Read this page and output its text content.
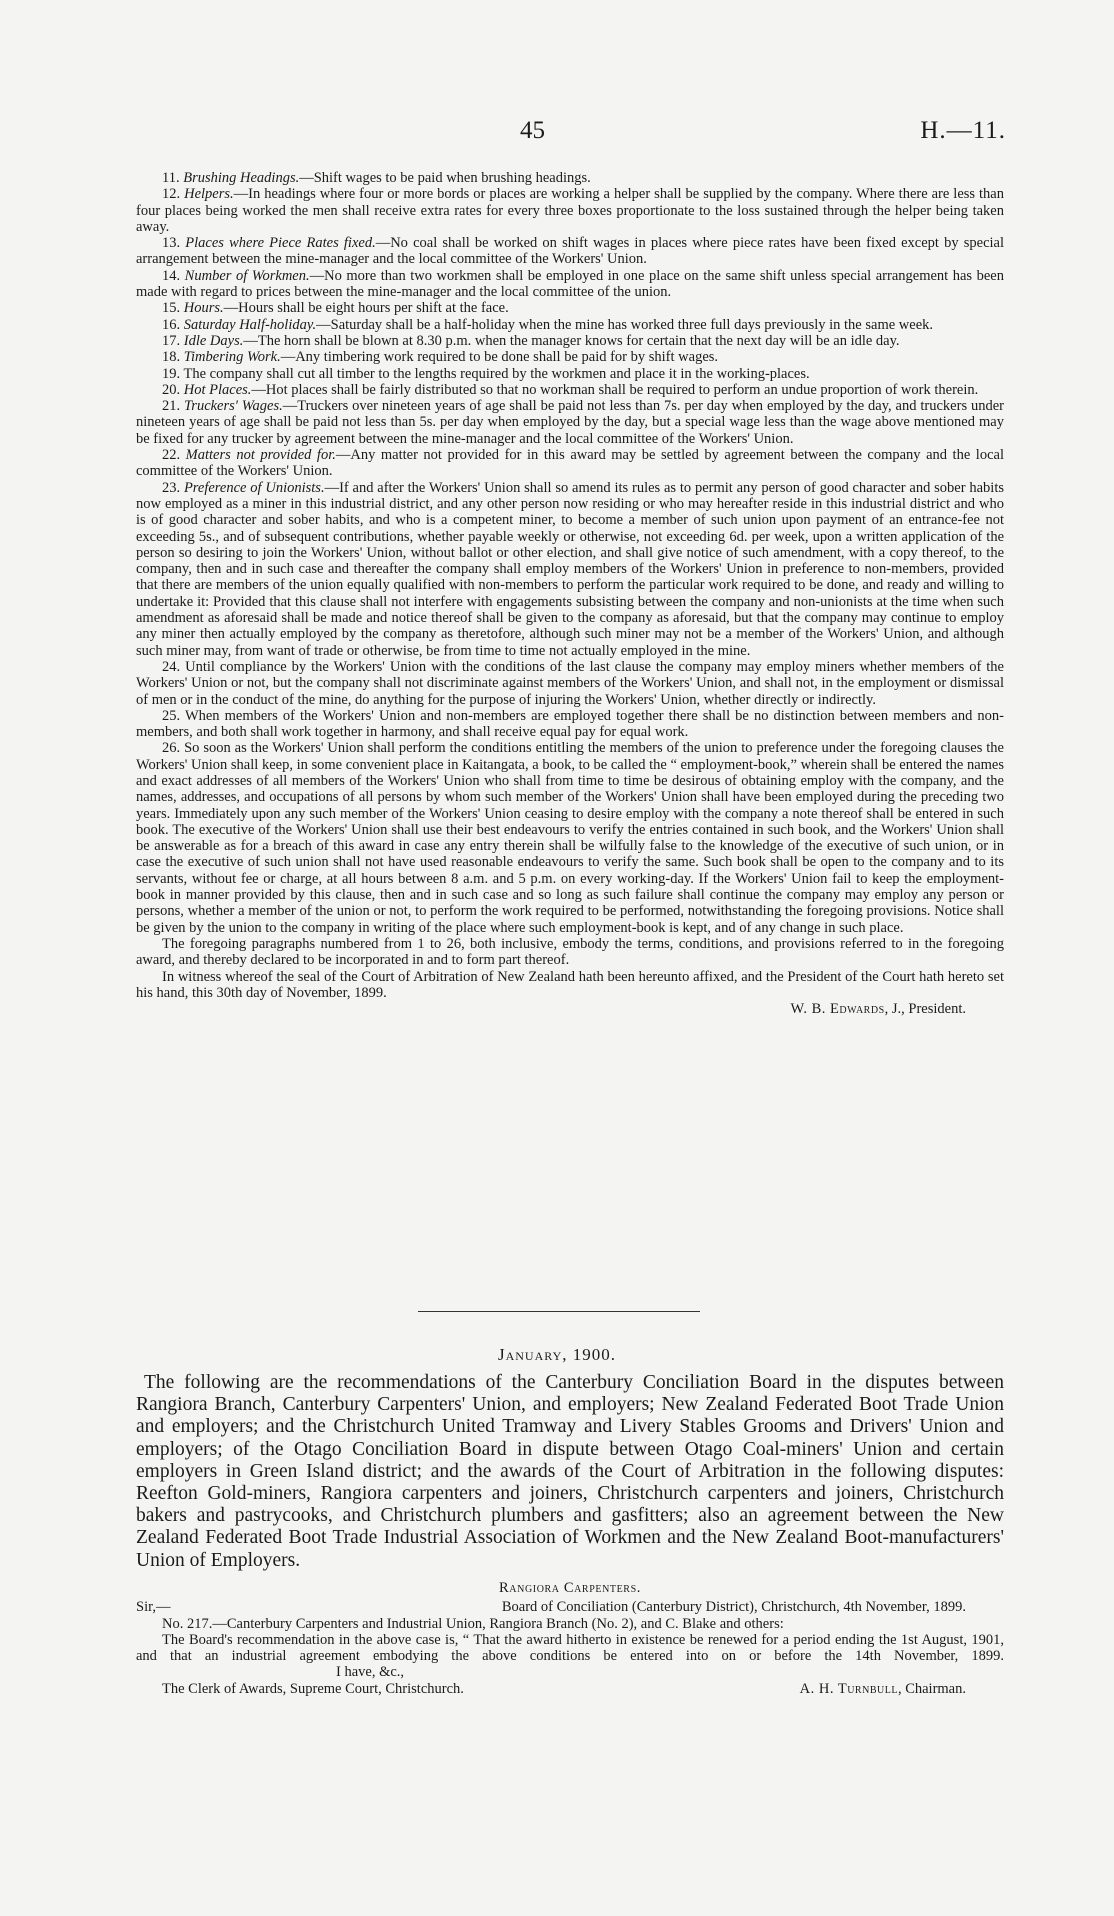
45	H.—11.

11. Brushing Headings.—Shift wages to be paid when brushing headings.

12. Helpers.—In headings where four or more bords or places are working a helper shall be supplied by the company. Where there are less than four places being worked the men shall receive extra rates for every three boxes proportionate to the loss sustained through the helper being taken away.

13. Places where Piece Rates fixed.—No coal shall be worked on shift wages in places where piece rates have been fixed except by special arrangement between the mine-manager and the local committee of the Workers' Union.

14. Number of Workmen.—No more than two workmen shall be employed in one place on the same shift unless special arrangement has been made with regard to prices between the mine-manager and the local committee of the union.

15. Hours.—Hours shall be eight hours per shift at the face.

16. Saturday Half-holiday.—Saturday shall be a half-holiday when the mine has worked three full days previously in the same week.

17. Idle Days.—The horn shall be blown at 8.30 p.m. when the manager knows for certain that the next day will be an idle day.

18. Timbering Work.—Any timbering work required to be done shall be paid for by shift wages.

19. The company shall cut all timber to the lengths required by the workmen and place it in the working-places.

20. Hot Places.—Hot places shall be fairly distributed so that no workman shall be required to perform an undue proportion of work therein.

21. Truckers' Wages.—Truckers over nineteen years of age shall be paid not less than 7s. per day when employed by the day, and truckers under nineteen years of age shall be paid not less than 5s. per day when employed by the day, but a special wage less than the wage above mentioned may be fixed for any trucker by agreement between the mine-manager and the local committee of the Workers' Union.

22. Matters not provided for.—Any matter not provided for in this award may be settled by agreement between the company and the local committee of the Workers' Union.

23. Preference of Unionists.—If and after the Workers' Union shall so amend its rules as to permit any person of good character and sober habits now employed as a miner in this industrial district, and any other person now residing or who may hereafter reside in this industrial district and who is of good character and sober habits, and who is a competent miner, to become a member of such union upon payment of an entrance-fee not exceeding 5s., and of subsequent contributions, whether payable weekly or otherwise, not exceeding 6d. per week, upon a written application of the person so desiring to join the Workers' Union, without ballot or other election, and shall give notice of such amendment, with a copy thereof, to the company, then and in such case and thereafter the company shall employ members of the Workers' Union in preference to non-members, provided that there are members of the union equally qualified with non-members to perform the particular work required to be done, and ready and willing to undertake it: Provided that this clause shall not interfere with engagements subsisting between the company and non-unionists at the time when such amendment as aforesaid shall be made and notice thereof shall be given to the company as aforesaid, but that the company may continue to employ any miner then actually employed by the company as theretofore, although such miner may not be a member of the Workers' Union, and although such miner may, from want of trade or otherwise, be from time to time not actually employed in the mine.

24. Until compliance by the Workers' Union with the conditions of the last clause the company may employ miners whether members of the Workers' Union or not, but the company shall not discriminate against members of the Workers' Union, and shall not, in the employment or dismissal of men or in the conduct of the mine, do anything for the purpose of injuring the Workers' Union, whether directly or indirectly.

25. When members of the Workers' Union and non-members are employed together there shall be no distinction between members and non-members, and both shall work together in harmony, and shall receive equal pay for equal work.

26. So soon as the Workers' Union shall perform the conditions entitling the members of the union to preference under the foregoing clauses the Workers' Union shall keep, in some convenient place in Kaitangata, a book, to be called the “ employment-book,” wherein shall be entered the names and exact addresses of all members of the Workers' Union who shall from time to time be desirous of obtaining employ with the company, and the names, addresses, and occupations of all persons by whom such member of the Workers' Union shall have been employed during the preceding two years. Immediately upon any such member of the Workers' Union ceasing to desire employ with the company a note thereof shall be entered in such book. The executive of the Workers' Union shall use their best endeavours to verify the entries contained in such book, and the Workers' Union shall be answerable as for a breach of this award in case any entry therein shall be wilfully false to the knowledge of the executive of such union, or in case the executive of such union shall not have used reasonable endeavours to verify the same. Such book shall be open to the company and to its servants, without fee or charge, at all hours between 8 a.m. and 5 p.m. on every working-day. If the Workers' Union fail to keep the employment-book in manner provided by this clause, then and in such case and so long as such failure shall continue the company may employ any person or persons, whether a member of the union or not, to perform the work required to be performed, notwithstanding the foregoing provisions. Notice shall be given by the union to the company in writing of the place where such employment-book is kept, and of any change in such place.

The foregoing paragraphs numbered from 1 to 26, both inclusive, embody the terms, conditions, and provisions referred to in the foregoing award, and thereby declared to be incorporated in and to form part thereof.

In witness whereof the seal of the Court of Arbitration of New Zealand hath been hereunto affixed, and the President of the Court hath hereto set his hand, this 30th day of November, 1899.

W. B. Edwards, J., President.
January, 1900.
The following are the recommendations of the Canterbury Conciliation Board in the disputes between Rangiora Branch, Canterbury Carpenters' Union, and employers; New Zealand Federated Boot Trade Union and employers; and the Christchurch United Tramway and Livery Stables Grooms and Drivers' Union and employers; of the Otago Conciliation Board in dispute between Otago Coal-miners' Union and certain employers in Green Island district; and the awards of the Court of Arbitration in the following disputes: Reefton Gold-miners, Rangiora carpenters and joiners, Christchurch carpenters and joiners, Christchurch bakers and pastrycooks, and Christchurch plumbers and gasfitters; also an agreement between the New Zealand Federated Boot Trade Industrial Association of Workmen and the New Zealand Boot-manufacturers' Union of Employers.
Rangiora Carpenters.
Sir,—	Board of Conciliation (Canterbury District), Christchurch, 4th November, 1899.

No. 217.—Canterbury Carpenters and Industrial Union, Rangiora Branch (No. 2), and C. Blake and others:

The Board's recommendation in the above case is, “ That the award hitherto in existence be renewed for a period ending the 1st August, 1901, and that an industrial agreement embodying the above conditions be entered into on or before the 14th November, 1899.I have, &c.,

The Clerk of Awards, Supreme Court, Christchurch.	A. H. Turnbull, Chairman.
